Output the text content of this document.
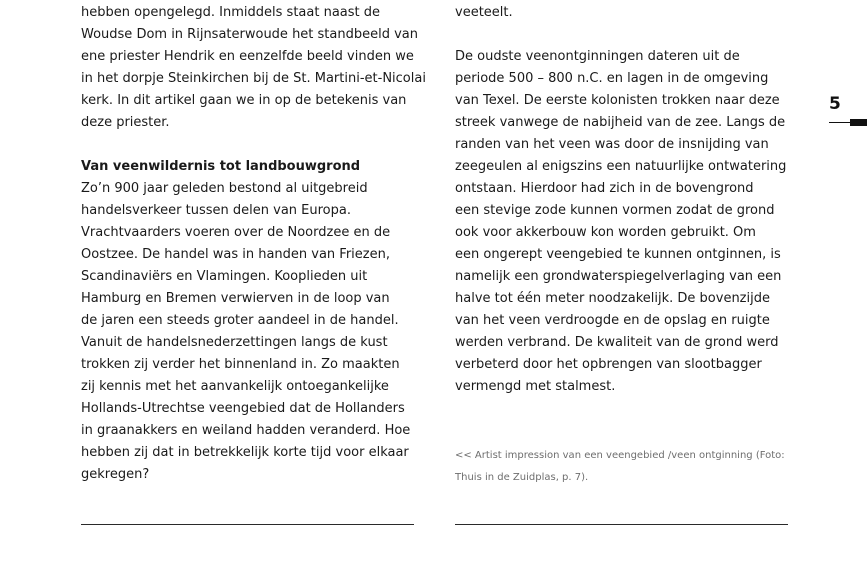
hebben opengelegd. Inmiddels staat naast de
Woudse Dom in Rijnsaterwoude het standbeeld van
ene priester Hendrik en eenzelfde beeld vinden we
in het dorpje Steinkirchen bij de St. Martini-et-Nicolai
kerk. In dit artikel gaan we in op de betekenis van
deze priester.
Van veenwildernis tot landbouwgrond
Zo’n 900 jaar geleden bestond al uitgebreid
handelsverkeer tussen delen van Europa.
Vrachtvaarders voeren over de Noordzee en de
Oostzee. De handel was in handen van Friezen,
Scandinaviërs en Vlamingen. Kooplieden uit
Hamburg en Bremen verwierven in de loop van
de jaren een steeds groter aandeel in de handel.
Vanuit de handelsnederzettingen langs de kust
trokken zij verder het binnenland in. Zo maakten
zij kennis met het aanvankelijk ontoegankelijke
Hollands-Utrechtse veengebied dat de Hollanders
in graanakkers en weiland hadden veranderd. Hoe
hebben zij dat in betrekkelijk korte tijd voor elkaar
gekregen?
veeteelt.
De oudste veenontginningen dateren uit de
periode 500 – 800 n.C. en lagen in de omgeving
van Texel. De eerste kolonisten trokken naar deze
streek vanwege de nabijheid van de zee. Langs de
randen van het veen was door de insnijding van
zeegeulen al enigszins een natuurlijke ontwatering
ontstaan. Hierdoor had zich in de bovengrond
een stevige zode kunnen vormen zodat de grond
ook voor akkerbouw kon worden gebruikt. Om
een ongerept veengebied te kunnen ontginnen, is
namelijk een grondwaterspiegelverlaging van een
halve tot één meter noodzakelijk. De bovenzijde
van het veen verdroogde en de opslag en ruigte
werden verbrand. De kwaliteit van de grond werd
verbeterd door het opbrengen van slootbagger
vermengd met stalmest.
<< Artist impression van een veengebied /veen ontginning (Foto:
Thuis in de Zuidplas, p. 7).
5
